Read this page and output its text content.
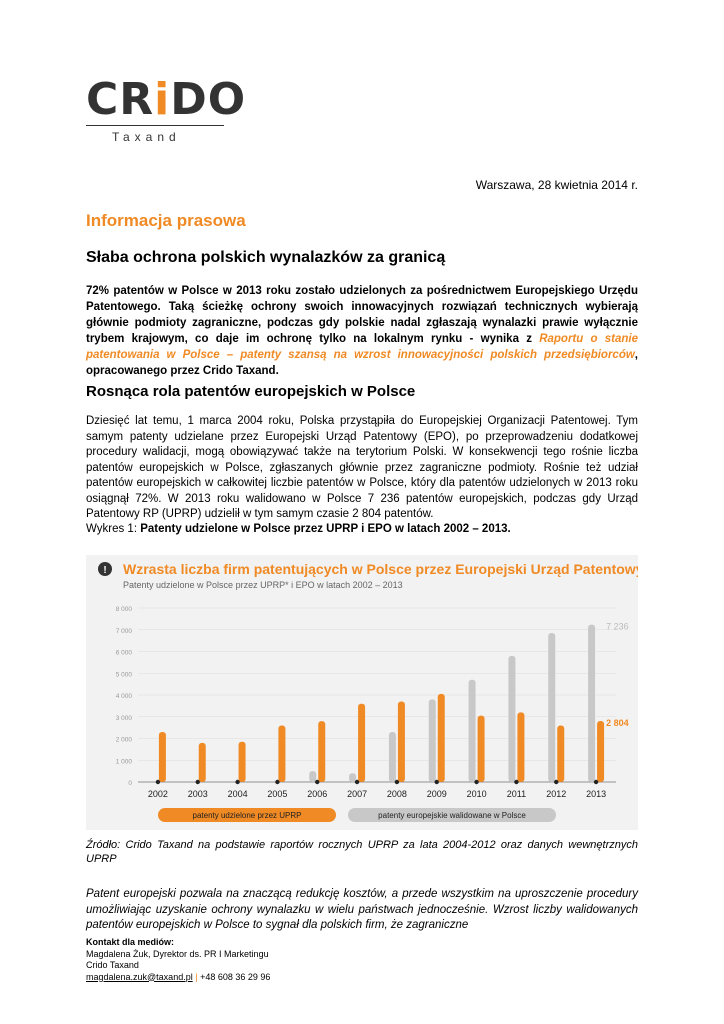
CRiDO
Taxand
Warszawa, 28 kwietnia 2014 r.
Informacja prasowa
Słaba ochrona polskich wynalazków za granicą
72% patentów w Polsce w 2013 roku zostało udzielonych za pośrednictwem Europejskiego Urzędu Patentowego. Taką ścieżkę ochrony swoich innowacyjnych rozwiązań technicznych wybierają głównie podmioty zagraniczne, podczas gdy polskie nadal zgłaszają wynalazki prawie wyłącznie trybem krajowym, co daje im ochronę tylko na lokalnym rynku - wynika z Raportu o stanie patentowania w Polsce – patenty szansą na wzrost innowacyjności polskich przedsiębiorców, opracowanego przez Crido Taxand.
Rosnąca rola patentów europejskich w Polsce
Dziesięć lat temu, 1 marca 2004 roku, Polska przystąpiła do Europejskiej Organizacji Patentowej. Tym samym patenty udzielane przez Europejski Urząd Patentowy (EPO), po przeprowadzeniu dodatkowej procedury walidacji, mogą obowiązywać także na terytorium Polski. W konsekwencji tego rośnie liczba patentów europejskich w Polsce, zgłaszanych głównie przez zagraniczne podmioty. Rośnie też udział patentów europejskich w całkowitej liczbie patentów w Polsce, który dla patentów udzielonych w 2013 roku osiągnął 72%. W 2013 roku walidowano w Polsce 7 236 patentów europejskich, podczas gdy Urząd Patentowy RP (UPRP) udzielił w tym samym czasie 2 804 patentów.
Wykres 1: Patenty udzielone w Polsce przez UPRP i EPO w latach 2002 – 2013.
! Wzrasta liczba firm patentujących w Polsce przez Europejski Urząd Patentowy (EPO*)
Patenty udzielone w Polsce przez UPRP* i EPO w latach 2002 – 2013
8 000
7 000
6 000
5 000
4 000
3 000
2 000
1 000
0
7 236
2 804
2002 2003 2004 2005 2006 2007 2008 2009 2010 2011 2012 2013
patenty udzielone przez UPRP	patenty europejskie walidowane w Polsce
Źródło: Crido Taxand na podstawie raportów rocznych UPRP za lata 2004-2012 oraz danych wewnętrznych UPRP
Patent europejski pozwala na znaczącą redukcję kosztów, a przede wszystkim na uproszczenie procedury umożliwiając uzyskanie ochrony wynalazku w wielu państwach jednocześnie. Wzrost liczby walidowanych patentów europejskich w Polsce to sygnał dla polskich firm, że zagraniczne
Kontakt dla mediów:
Magdalena Żuk, Dyrektor ds. PR I Marketingu
Crido Taxand
magdalena.zuk@taxand.pl | +48 608 36 29 96
